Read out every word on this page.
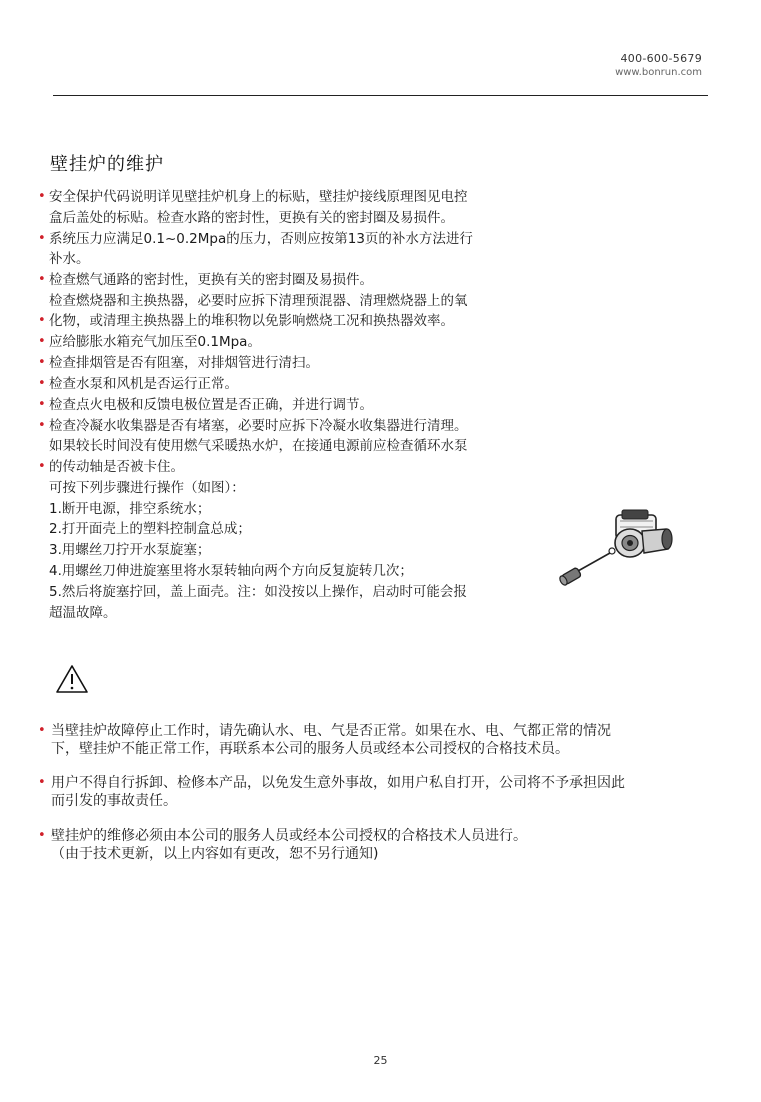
400-600-5679
www.bonrun.com
壁挂炉的维护
安全保护代码说明详见壁挂炉机身上的标贴，壁挂炉接线原理图见电控
盒后盖处的标贴。检查水路的密封性，更换有关的密封圈及易损件。
系统压力应满足0.1~0.2Mpa的压力，否则应按第13页的补水方法进行
补水。
检查燃气通路的密封性，更换有关的密封圈及易损件。
检查燃烧器和主换热器，必要时应拆下清理预混器、清理燃烧器上的氧
化物，或清理主换热器上的堆积物以免影响燃烧工况和换热器效率。
应给膨胀水箱充气加压至0.1Mpa。
检查排烟管是否有阻塞，对排烟管进行清扫。
检查水泵和风机是否运行正常。
检查点火电极和反馈电极位置是否正确，并进行调节。
检查冷凝水收集器是否有堵塞，必要时应拆下冷凝水收集器进行清理。
如果较长时间没有使用燃气采暖热水炉，在接通电源前应检查循环水泵
的传动轴是否被卡住。
可按下列步骤进行操作（如图）：
1.断开电源，排空系统水；
2.打开面壳上的塑料控制盒总成；
3.用螺丝刀拧开水泵旋塞；
4.用螺丝刀伸进旋塞里将水泵转轴向两个方向反复旋转几次；
5.然后将旋塞拧回，盖上面壳。注：如没按以上操作，启动时可能会报
超温故障。
•
•
•
•
•
•
•
•
•
•
当壁挂炉故障停止工作时，请先确认水、电、气是否正常。如果在水、电、气都正常的情况
下，壁挂炉不能正常工作，再联系本公司的服务人员或经本公司授权的合格技术员。
用户不得自行拆卸、检修本产品，以免发生意外事故，如用户私自打开，公司将不予承担因此
而引发的事故责任。
壁挂炉的维修必须由本公司的服务人员或经本公司授权的合格技术人员进行。
（由于技术更新，以上内容如有更改，恕不另行通知)
•
•
•
25
